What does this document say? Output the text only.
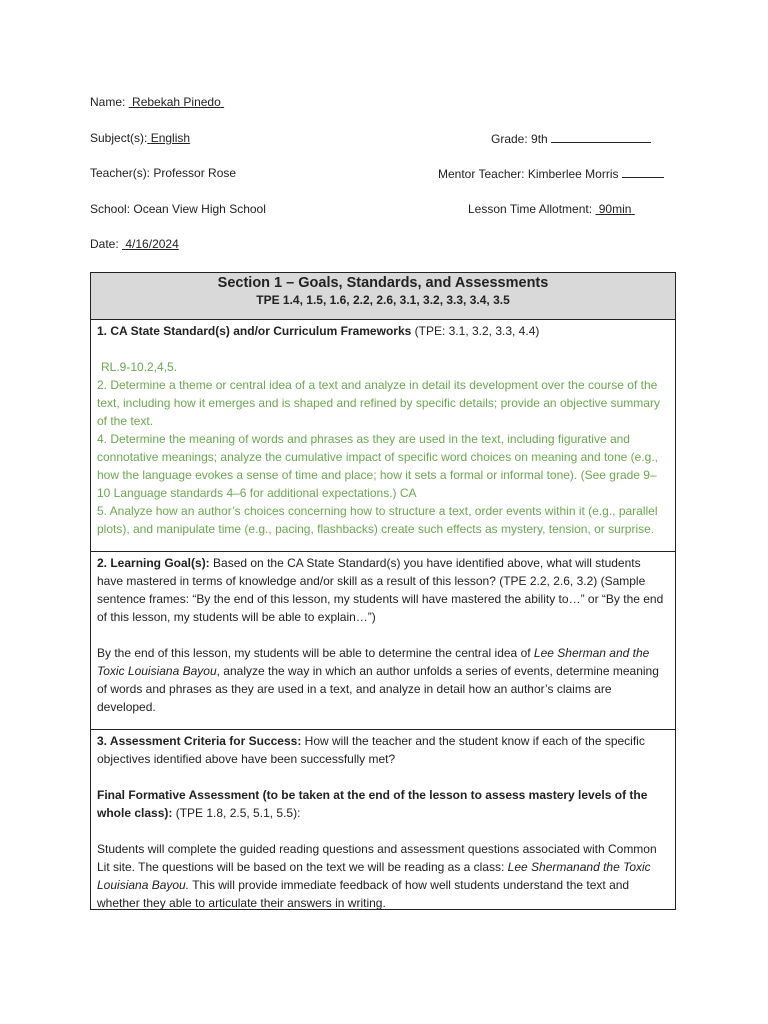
Name: Rebekah Pinedo
Subject(s): English	Grade: 9th
Teacher(s): Professor Rose	Mentor Teacher: Kimberlee Morris
School: Ocean View High School	Lesson Time Allotment: 90min
Date: 4/16/2024
Section 1 – Goals, Standards, and Assessments
TPE 1.4, 1.5, 1.6, 2.2, 2.6, 3.1, 3.2, 3.3, 3.4, 3.5
1. CA State Standard(s) and/or Curriculum Frameworks (TPE: 3.1, 3.2, 3.3, 4.4)
RL.9-10.2,4,5.
2. Determine a theme or central idea of a text and analyze in detail its development over the course of the text, including how it emerges and is shaped and refined by specific details; provide an objective summary of the text.
4. Determine the meaning of words and phrases as they are used in the text, including figurative and connotative meanings; analyze the cumulative impact of specific word choices on meaning and tone (e.g., how the language evokes a sense of time and place; how it sets a formal or informal tone). (See grade 9–10 Language standards 4–6 for additional expectations.) CA
5. Analyze how an author’s choices concerning how to structure a text, order events within it (e.g., parallel plots), and manipulate time (e.g., pacing, flashbacks) create such effects as mystery, tension, or surprise.
2. Learning Goal(s): Based on the CA State Standard(s) you have identified above, what will students have mastered in terms of knowledge and/or skill as a result of this lesson? (TPE 2.2, 2.6, 3.2) (Sample sentence frames: “By the end of this lesson, my students will have mastered the ability to…” or “By the end of this lesson, my students will be able to explain…”)
By the end of this lesson, my students will be able to determine the central idea of Lee Sherman and the Toxic Louisiana Bayou, analyze the way in which an author unfolds a series of events, determine meaning of words and phrases as they are used in a text, and analyze in detail how an author’s claims are developed.
3. Assessment Criteria for Success: How will the teacher and the student know if each of the specific objectives identified above have been successfully met?
Final Formative Assessment (to be taken at the end of the lesson to assess mastery levels of the whole class): (TPE 1.8, 2.5, 5.1, 5.5):
Students will complete the guided reading questions and assessment questions associated with Common Lit site. The questions will be based on the text we will be reading as a class: Lee Shermanand the Toxic Louisiana Bayou. This will provide immediate feedback of how well students understand the text and whether they able to articulate their answers in writing.
